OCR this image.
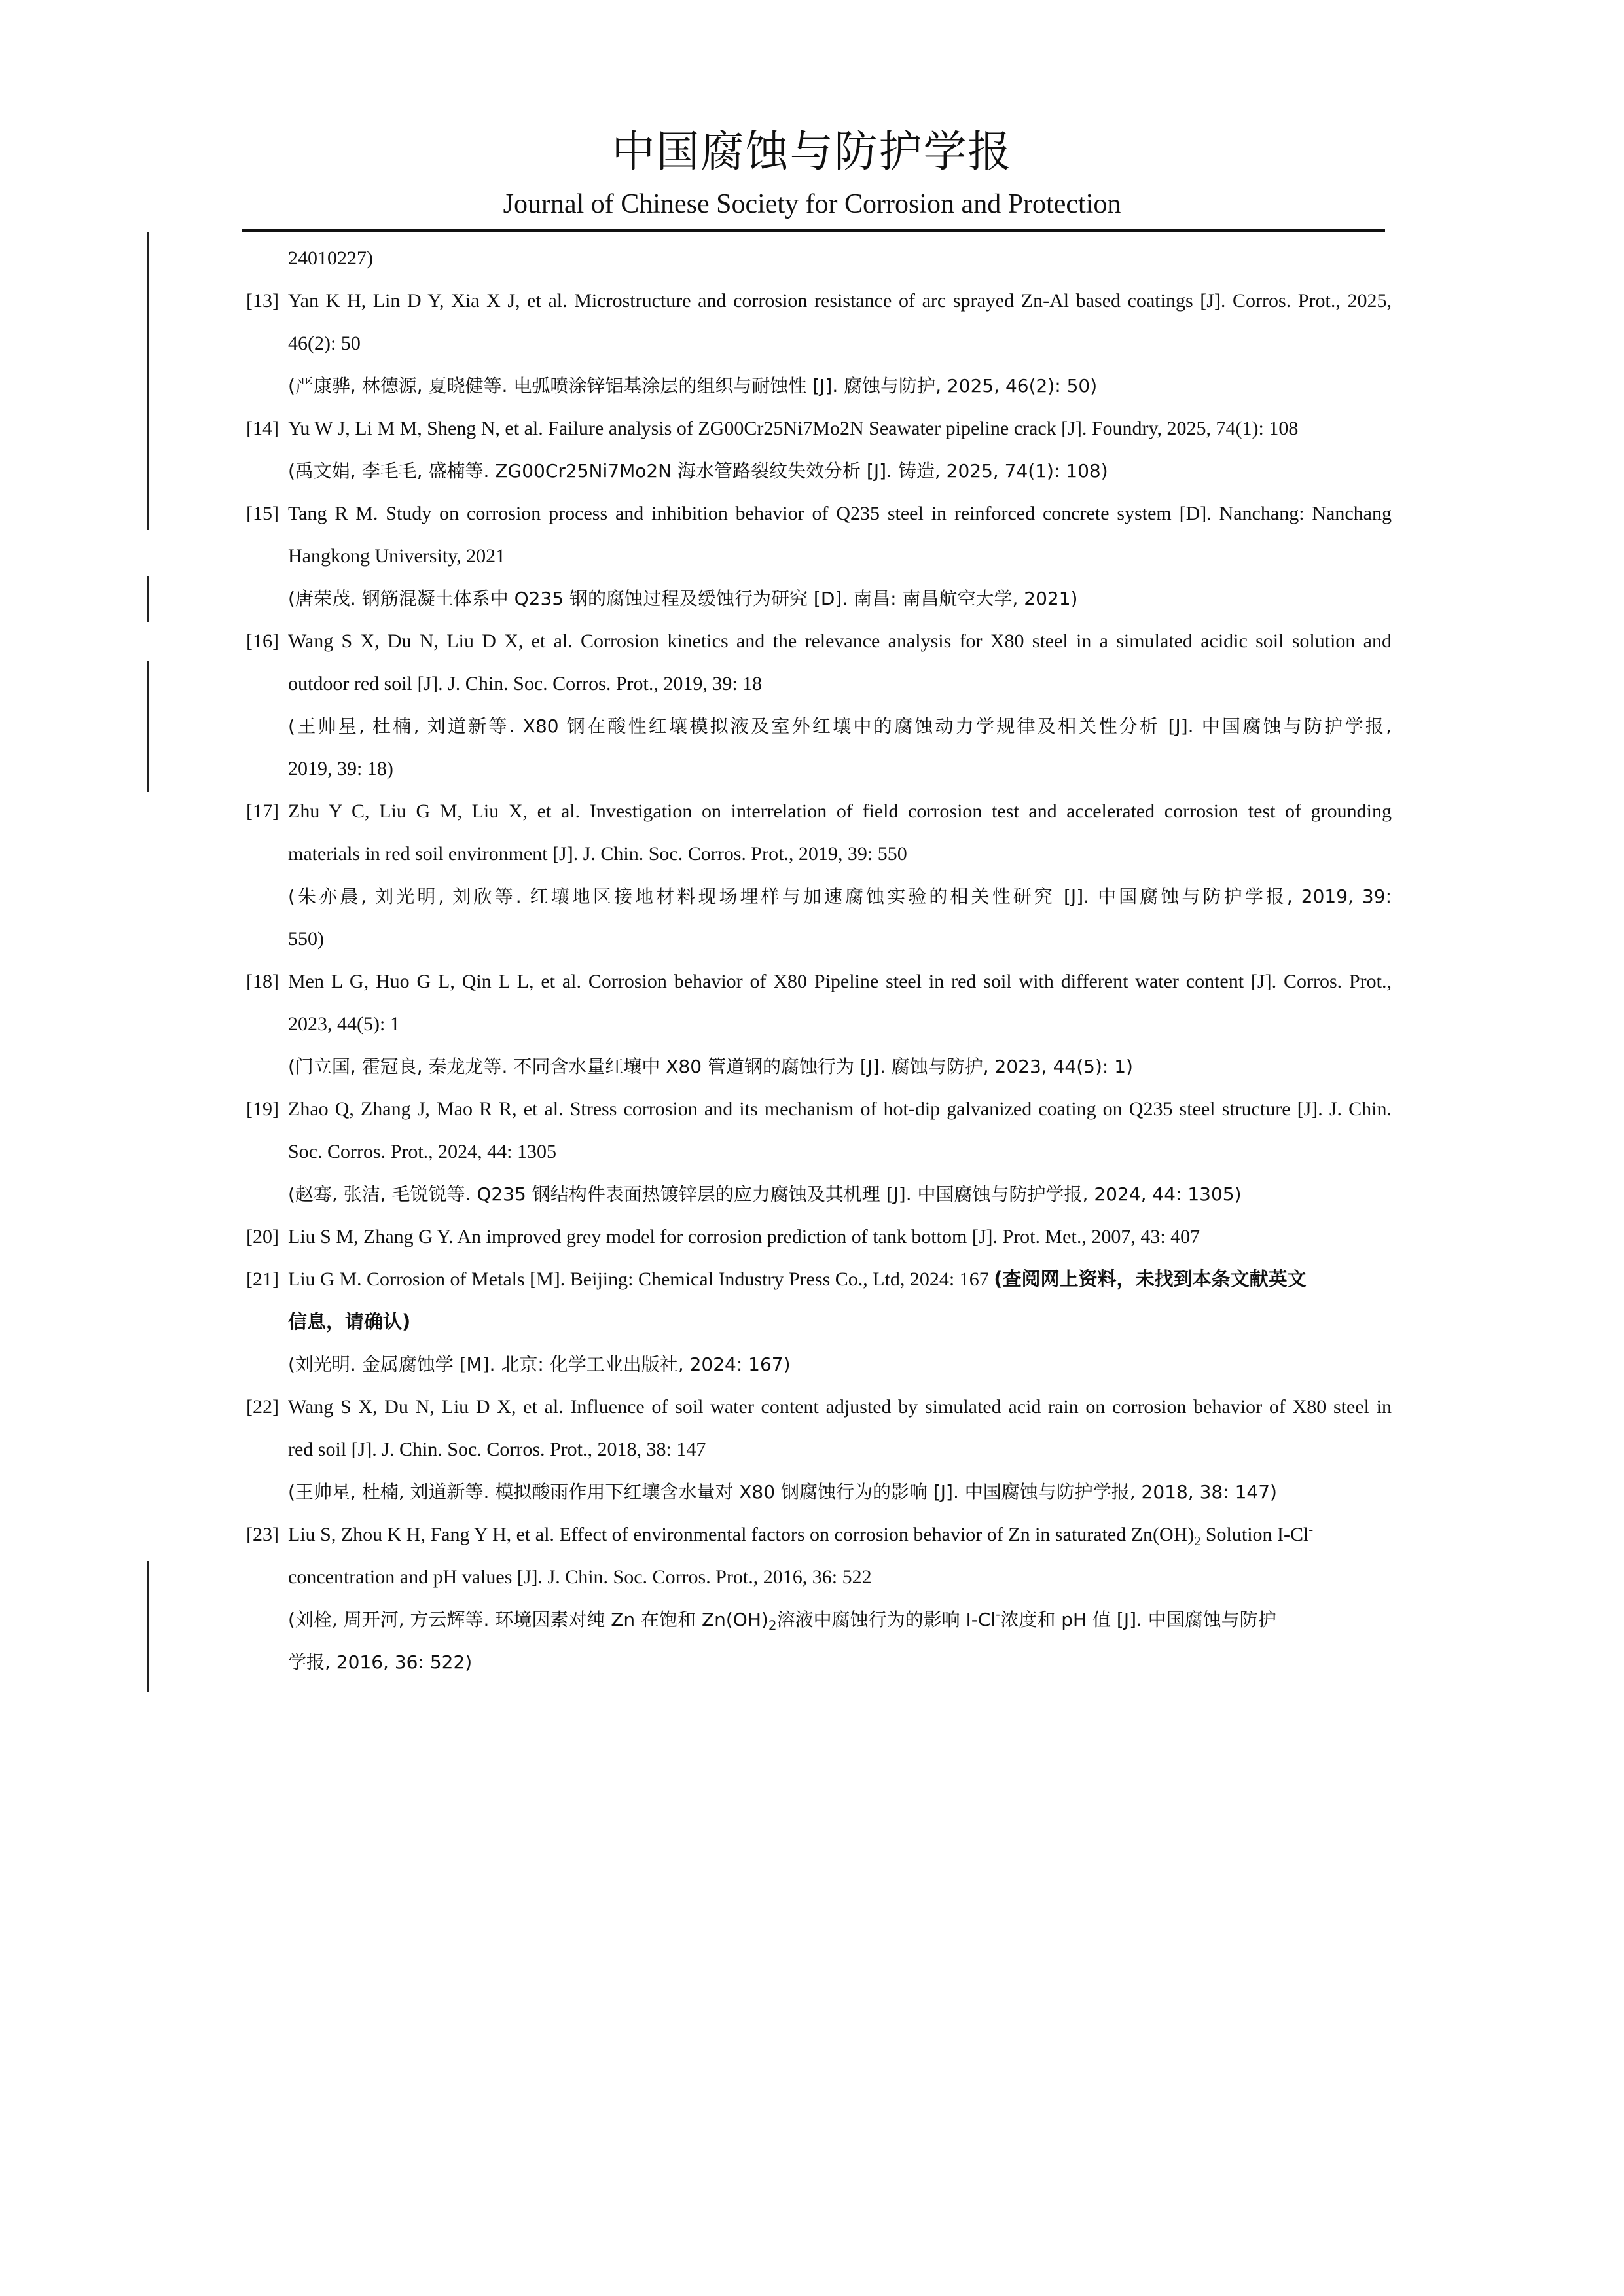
中国腐蚀与防护学报
Journal of Chinese Society for Corrosion and Protection
24010227)
[13] Yan K H, Lin D Y, Xia X J, et al. Microstructure and corrosion resistance of arc sprayed Zn-Al based coatings [J]. Corros. Prot., 2025,
46(2): 50
(严康骅, 林德源, 夏晓健等. 电弧喷涂锌铝基涂层的组织与耐蚀性 [J]. 腐蚀与防护, 2025, 46(2): 50)
[14] Yu W J, Li M M, Sheng N, et al. Failure analysis of ZG00Cr25Ni7Mo2N Seawater pipeline crack [J]. Foundry, 2025, 74(1): 108
(禹文娟, 李毛毛, 盛楠等. ZG00Cr25Ni7Mo2N 海水管路裂纹失效分析 [J]. 铸造, 2025, 74(1): 108)
[15] Tang R M. Study on corrosion process and inhibition behavior of Q235 steel in reinforced concrete system [D]. Nanchang: Nanchang
Hangkong University, 2021
(唐荣茂. 钢筋混凝土体系中 Q235 钢的腐蚀过程及缓蚀行为研究 [D]. 南昌: 南昌航空大学, 2021)
[16] Wang S X, Du N, Liu D X, et al. Corrosion kinetics and the relevance analysis for X80 steel in a simulated acidic soil solution and
outdoor red soil [J]. J. Chin. Soc. Corros. Prot., 2019, 39: 18
(王帅星, 杜楠, 刘道新等. X80 钢在酸性红壤模拟液及室外红壤中的腐蚀动力学规律及相关性分析 [J]. 中国腐蚀与防护学报,
2019, 39: 18)
[17] Zhu Y C, Liu G M, Liu X, et al. Investigation on interrelation of field corrosion test and accelerated corrosion test of grounding
materials in red soil environment [J]. J. Chin. Soc. Corros. Prot., 2019, 39: 550
(朱亦晨, 刘光明, 刘欣等. 红壤地区接地材料现场埋样与加速腐蚀实验的相关性研究 [J]. 中国腐蚀与防护学报, 2019, 39:
550)
[18] Men L G, Huo G L, Qin L L, et al. Corrosion behavior of X80 Pipeline steel in red soil with different water content [J]. Corros. Prot.,
2023, 44(5): 1
(门立国, 霍冠良, 秦龙龙等. 不同含水量红壤中 X80 管道钢的腐蚀行为 [J]. 腐蚀与防护, 2023, 44(5): 1)
[19] Zhao Q, Zhang J, Mao R R, et al. Stress corrosion and its mechanism of hot-dip galvanized coating on Q235 steel structure [J]. J. Chin.
Soc. Corros. Prot., 2024, 44: 1305
(赵骞, 张洁, 毛锐锐等. Q235 钢结构件表面热镀锌层的应力腐蚀及其机理 [J]. 中国腐蚀与防护学报, 2024, 44: 1305)
[20] Liu S M, Zhang G Y. An improved grey model for corrosion prediction of tank bottom [J]. Prot. Met., 2007, 43: 407
[21] Liu G M. Corrosion of Metals [M]. Beijing: Chemical Industry Press Co., Ltd, 2024: 167 (查阅网上资料，未找到本条文献英文
信息，请确认)
(刘光明. 金属腐蚀学 [M]. 北京: 化学工业出版社, 2024: 167)
[22] Wang S X, Du N, Liu D X, et al. Influence of soil water content adjusted by simulated acid rain on corrosion behavior of X80 steel in
red soil [J]. J. Chin. Soc. Corros. Prot., 2018, 38: 147
(王帅星, 杜楠, 刘道新等. 模拟酸雨作用下红壤含水量对 X80 钢腐蚀行为的影响 [J]. 中国腐蚀与防护学报, 2018, 38: 147)
[23] Liu S, Zhou K H, Fang Y H, et al. Effect of environmental factors on corrosion behavior of Zn in saturated $Zn(OH)_2$ Solution I-Cl-
concentration and pH values [J]. J. Chin. Soc. Corros. Prot., 2016, 36: 522
(刘栓, 周开河, 方云辉等. 环境因素对纯 Zn 在饱和 $Zn(OH)_2$溶液中腐蚀行为的影响 I-Cl-浓度和 pH 值 [J]. 中国腐蚀与防护
学报, 2016, 36: 522)
